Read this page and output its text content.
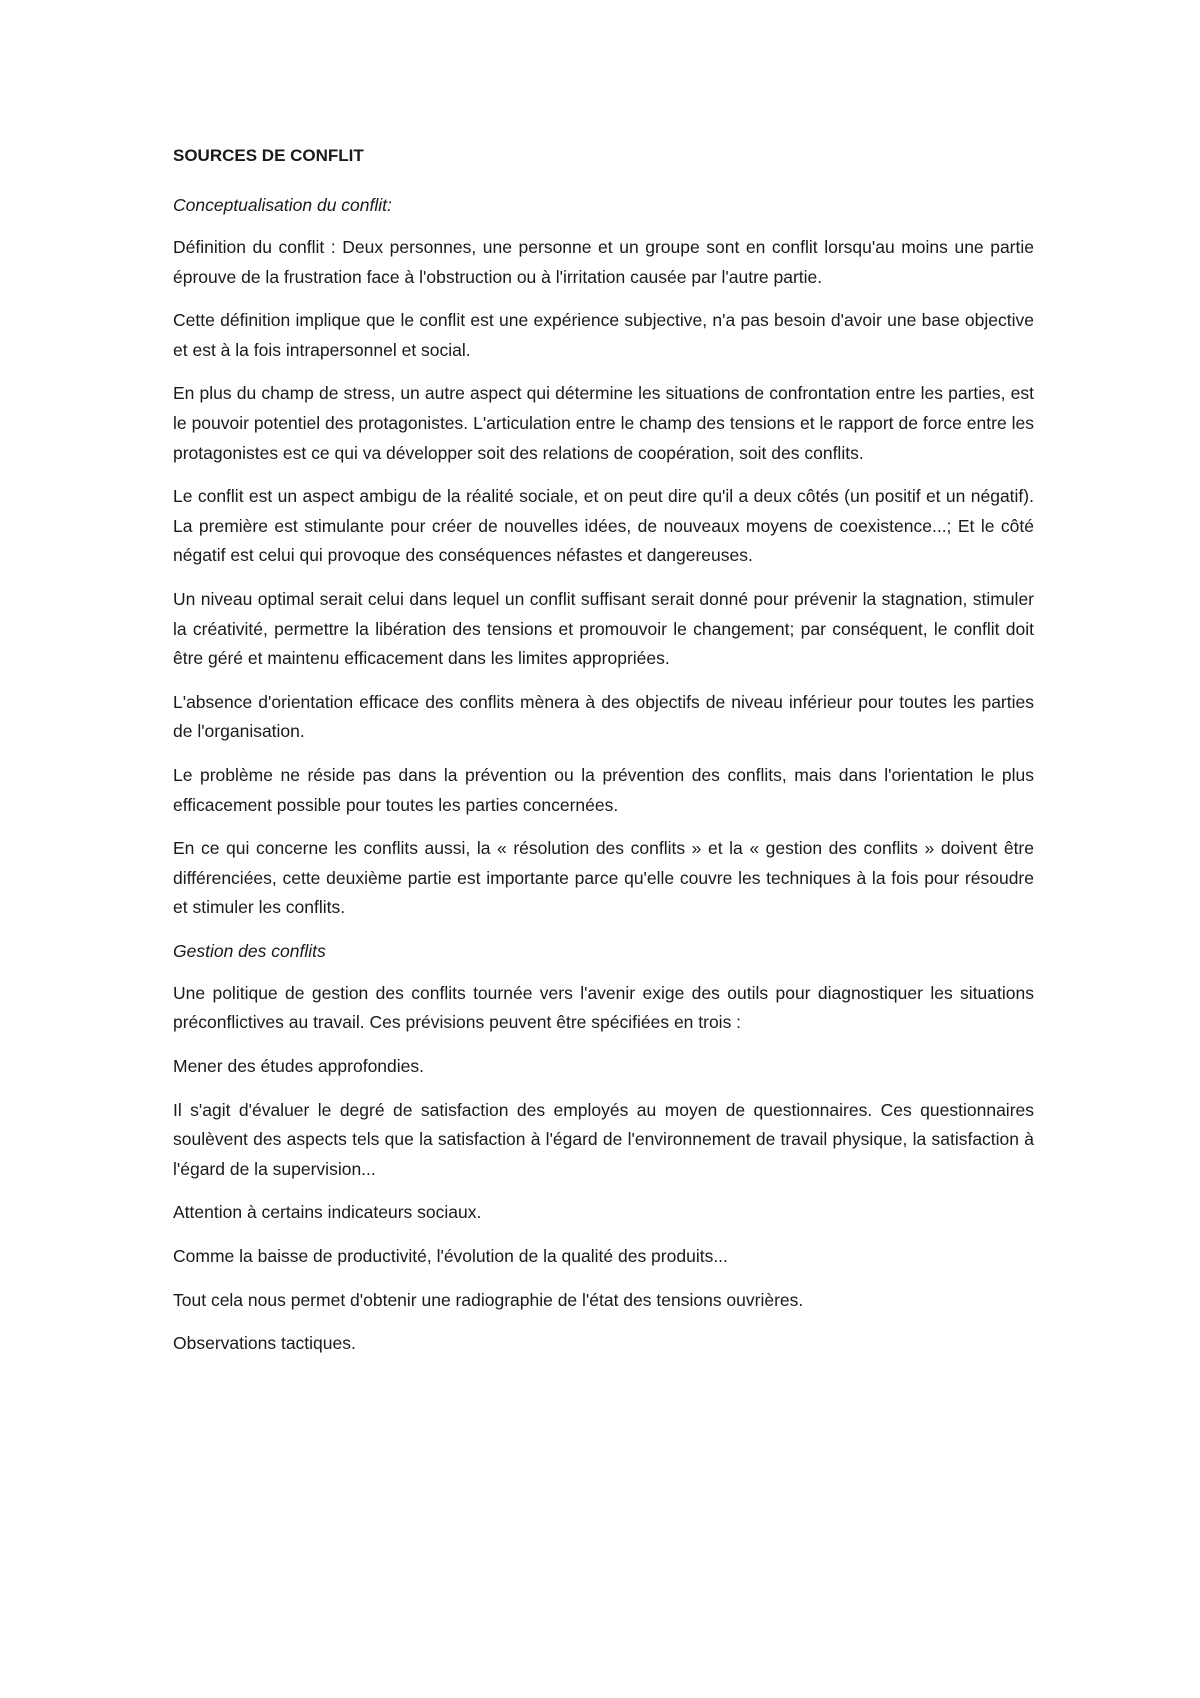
SOURCES DE CONFLIT
Conceptualisation du conflit:

Définition du conflit : Deux personnes, une personne et un groupe sont en conflit lorsqu'au moins une partie éprouve de la frustration face à l'obstruction ou à l'irritation causée par l'autre partie.

Cette définition implique que le conflit est une expérience subjective, n'a pas besoin d'avoir une base objective et est à la fois intrapersonnel et social.

En plus du champ de stress, un autre aspect qui détermine les situations de confrontation entre les parties, est le pouvoir potentiel des protagonistes. L'articulation entre le champ des tensions et le rapport de force entre les protagonistes est ce qui va développer soit des relations de coopération, soit des conflits.

Le conflit est un aspect ambigu de la réalité sociale, et on peut dire qu'il a deux côtés (un positif et un négatif). La première est stimulante pour créer de nouvelles idées, de nouveaux moyens de coexistence...; Et le côté négatif est celui qui provoque des conséquences néfastes et dangereuses.

Un niveau optimal serait celui dans lequel un conflit suffisant serait donné pour prévenir la stagnation, stimuler la créativité, permettre la libération des tensions et promouvoir le changement; par conséquent, le conflit doit être géré et maintenu efficacement dans les limites appropriées.

L'absence d'orientation efficace des conflits mènera à des objectifs de niveau inférieur pour toutes les parties de l'organisation.

Le problème ne réside pas dans la prévention ou la prévention des conflits, mais dans l'orientation le plus efficacement possible pour toutes les parties concernées.

En ce qui concerne les conflits aussi, la « résolution des conflits » et la « gestion des conflits » doivent être différenciées, cette deuxième partie est importante parce qu'elle couvre les techniques à la fois pour résoudre et stimuler les conflits.

Gestion des conflits

Une politique de gestion des conflits tournée vers l'avenir exige des outils pour diagnostiquer les situations préconflictives au travail. Ces prévisions peuvent être spécifiées en trois :

Mener des études approfondies.

Il s'agit d'évaluer le degré de satisfaction des employés au moyen de questionnaires. Ces questionnaires soulèvent des aspects tels que la satisfaction à l'égard de l'environnement de travail physique, la satisfaction à l'égard de la supervision...

Attention à certains indicateurs sociaux.

Comme la baisse de productivité, l'évolution de la qualité des produits...

Tout cela nous permet d'obtenir une radiographie de l'état des tensions ouvrières.

Observations tactiques.
